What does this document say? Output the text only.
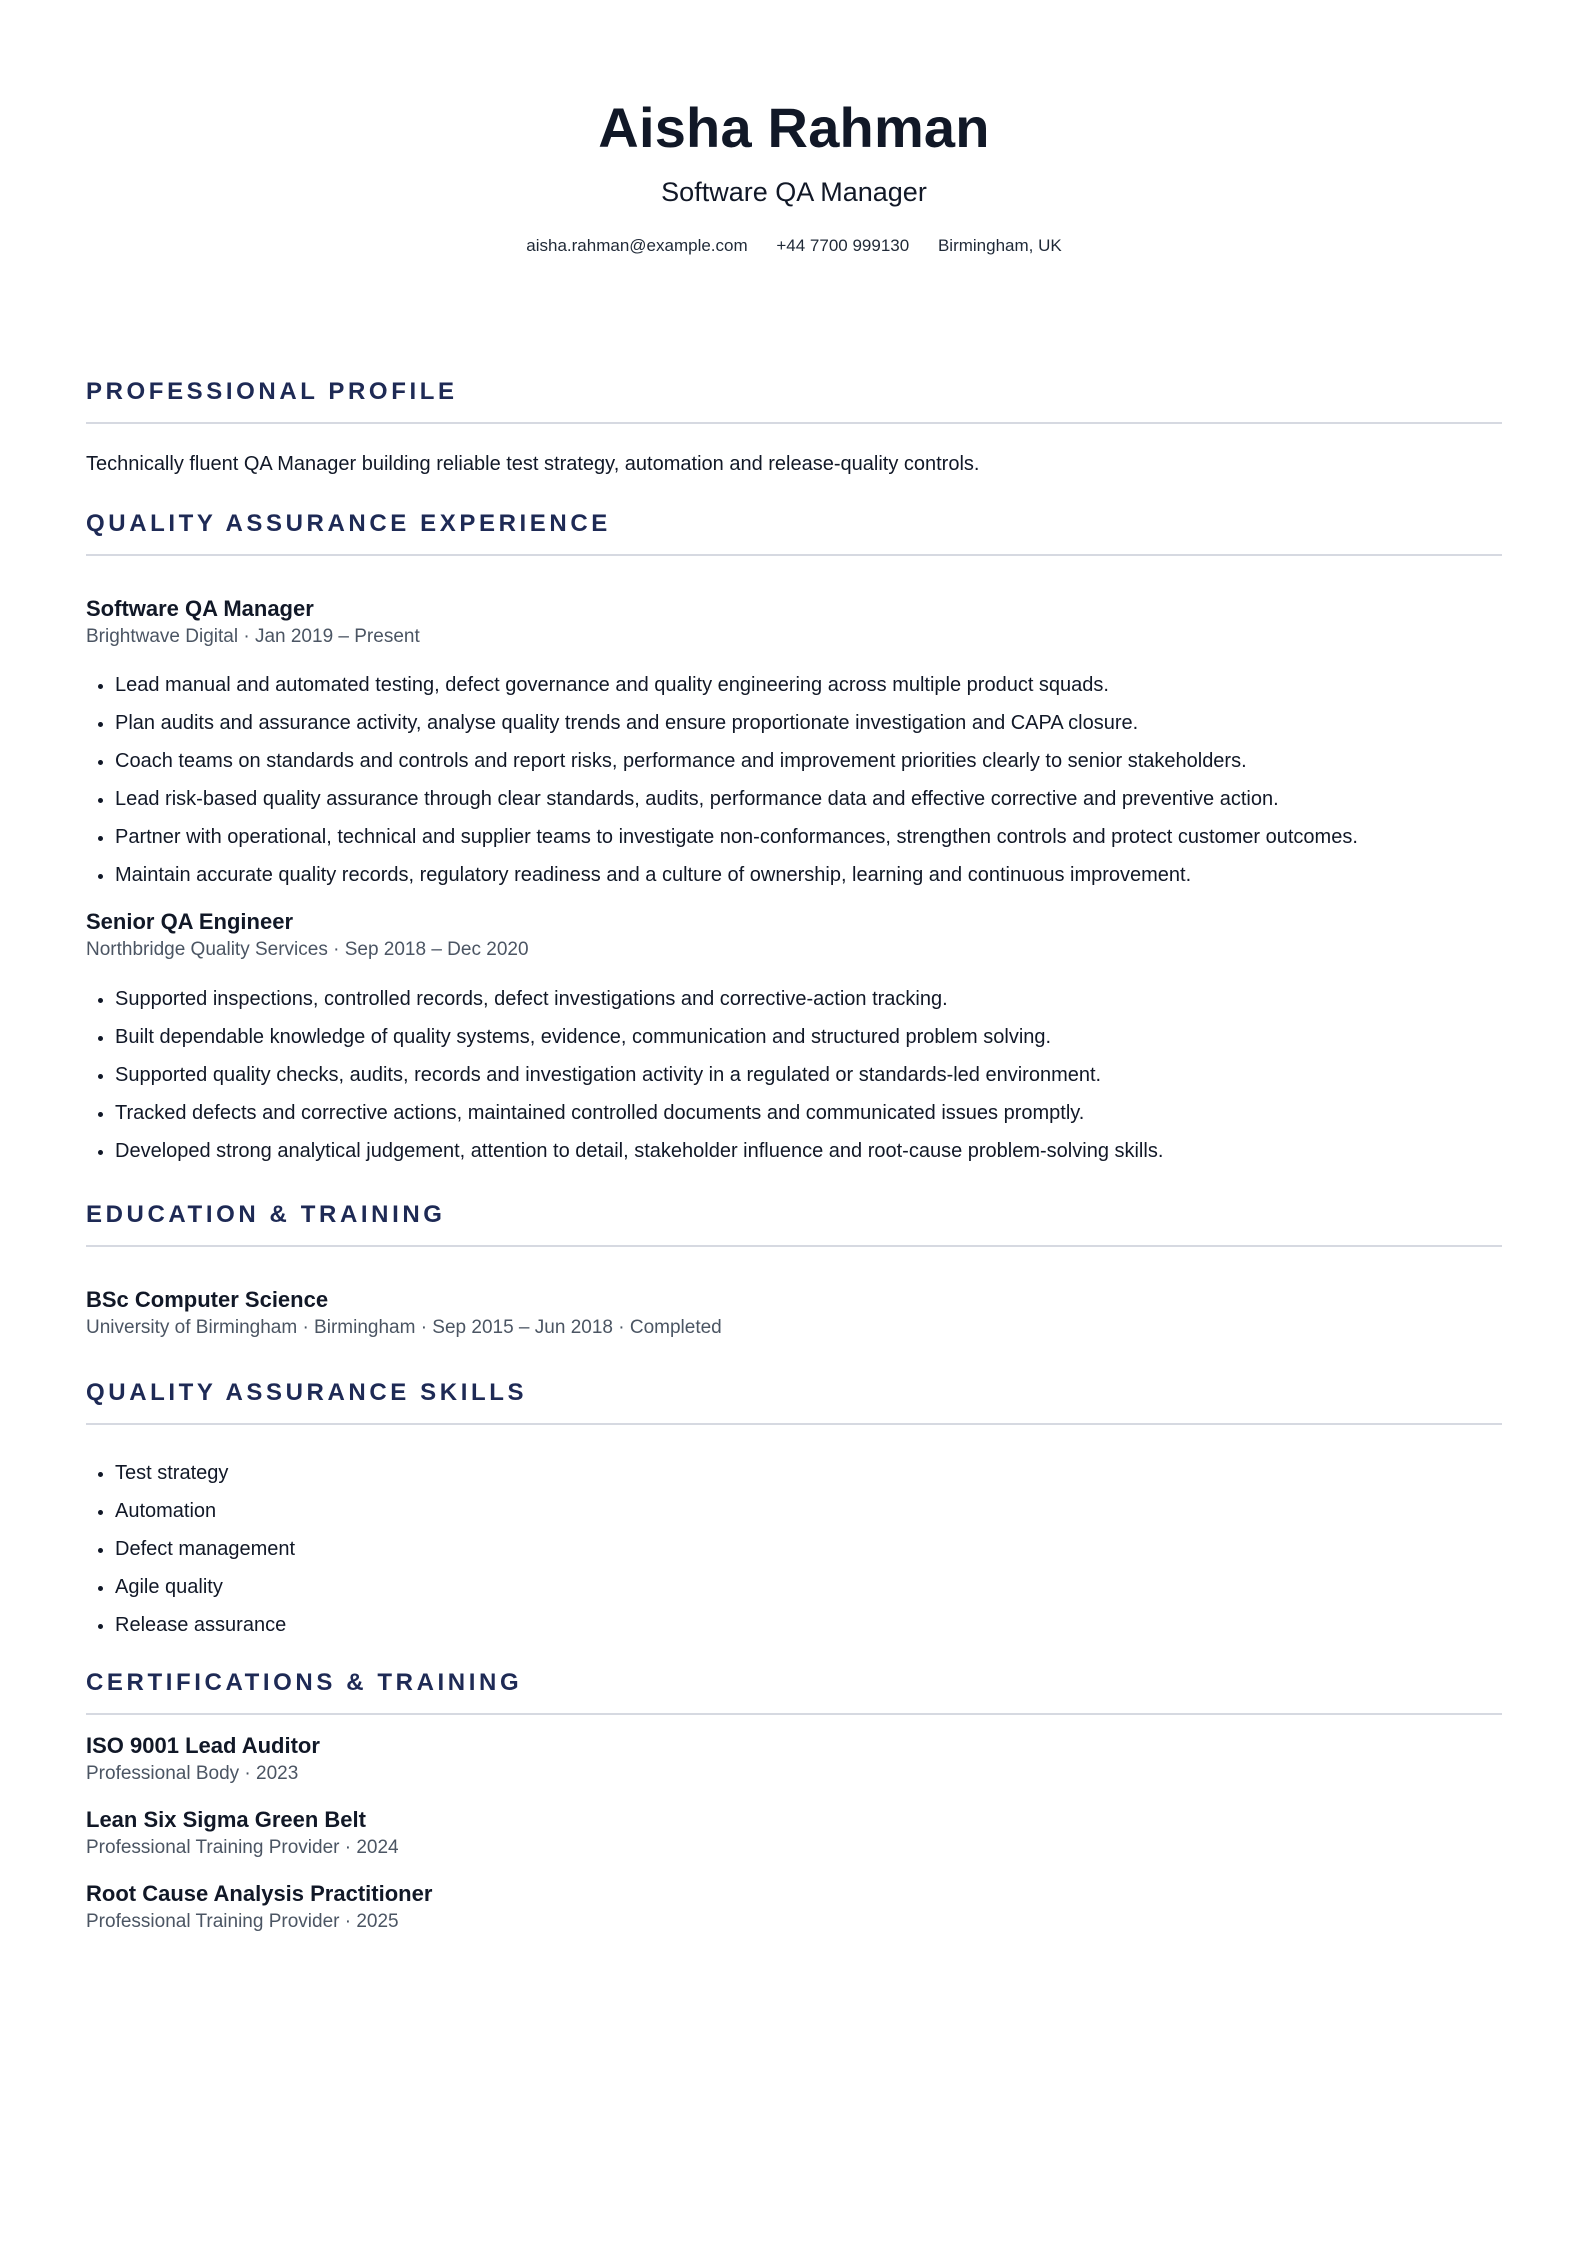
Aisha Rahman
Software QA Manager
aisha.rahman@example.com +44 7700 999130 Birmingham, UK
PROFESSIONAL PROFILE
Technically fluent QA Manager building reliable test strategy, automation and release-quality controls.
QUALITY ASSURANCE EXPERIENCE
Software QA Manager
Brightwave Digital · Jan 2019 – Present
• Lead manual and automated testing, defect governance and quality engineering across multiple product squads.
• Plan audits and assurance activity, analyse quality trends and ensure proportionate investigation and CAPA closure.
• Coach teams on standards and controls and report risks, performance and improvement priorities clearly to senior stakeholders.
• Lead risk-based quality assurance through clear standards, audits, performance data and effective corrective and preventive action.
• Partner with operational, technical and supplier teams to investigate non-conformances, strengthen controls and protect customer outcomes.
• Maintain accurate quality records, regulatory readiness and a culture of ownership, learning and continuous improvement.
Senior QA Engineer
Northbridge Quality Services · Sep 2018 – Dec 2020
• Supported inspections, controlled records, defect investigations and corrective-action tracking.
• Built dependable knowledge of quality systems, evidence, communication and structured problem solving.
• Supported quality checks, audits, records and investigation activity in a regulated or standards-led environment.
• Tracked defects and corrective actions, maintained controlled documents and communicated issues promptly.
• Developed strong analytical judgement, attention to detail, stakeholder influence and root-cause problem-solving skills.
EDUCATION & TRAINING
BSc Computer Science
University of Birmingham · Birmingham · Sep 2015 – Jun 2018 · Completed
QUALITY ASSURANCE SKILLS
• Test strategy
• Automation
• Defect management
• Agile quality
• Release assurance
CERTIFICATIONS & TRAINING
ISO 9001 Lead Auditor
Professional Body · 2023
Lean Six Sigma Green Belt
Professional Training Provider · 2024
Root Cause Analysis Practitioner
Professional Training Provider · 2025
